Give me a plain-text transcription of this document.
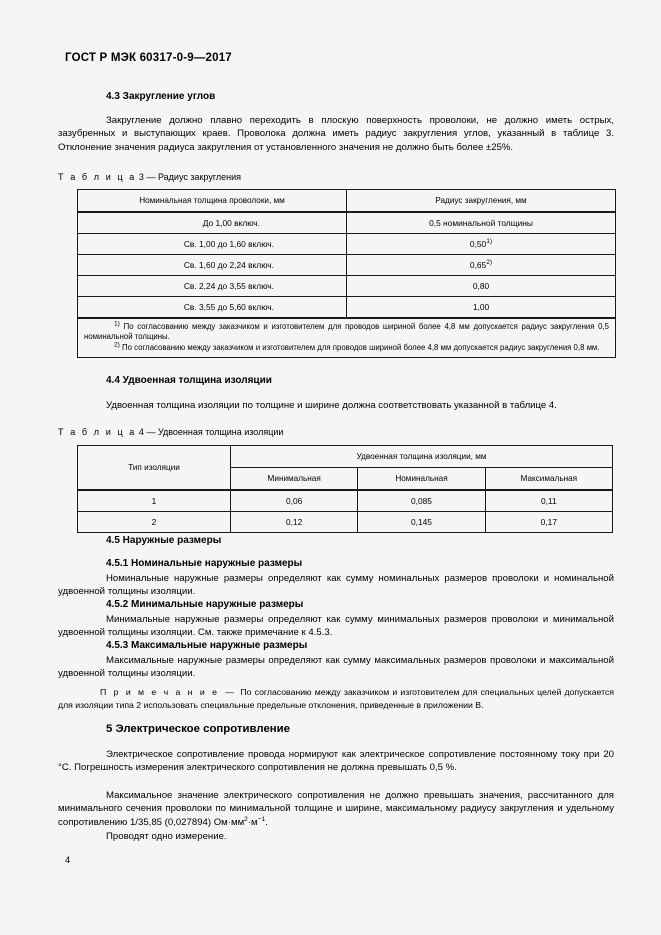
ГОСТ Р МЭК 60317-0-9—2017
4.3 Закругление углов
Закругление должно плавно переходить в плоскую поверхность проволоки, не должно иметь острых, зазубренных и выступающих краев. Проволока должна иметь радиус закругления углов, указанный в таблице 3. Отклонение значения радиуса закругления от установленного значения не должно быть более ±25%.
Т а б л и ц а 3 — Радиус закругления
Номинальная толщина проволоки, мм	Радиус закругления, мм
До 1,00 включ.	0,5 номинальной толщины
Св. 1,00 до 1,60 включ.	0,50$^{1)}$
Св. 1,60 до 2,24 включ.	0,65$^{2)}$
Св. 2,24 до 3,55 включ.	0,80
Св. 3,55 до 5,60 включ.	1,00

$^{1)}$ По согласованию между заказчиком и изготовителем для проводов шириной более 4,8 мм допускается радиус закругления 0,5 номинальной толщины.

$^{2)}$ По согласованию между заказчиком и изготовителем для проводов шириной более 4,8 мм допускается радиус закругления 0,8 мм.	

4.4 Удвоенная толщина изоляции
Удвоенная толщина изоляции по толщине и ширине должна соответствовать указанной в таблице 4.
Т а б л и ц а 4 — Удвоенная толщина изоляции
Тип изоляции	Удвоенная толщина изоляции, мм		
	Минимальная	Номинальная	Максимальная
1	0,06	0,085	0,11
2	0,12	0,145	0,17
4.5 Наружные размеры
4.5.1 Номинальные наружные размеры
Номинальные наружные размеры определяют как сумму номинальных размеров проволоки и номинальной удвоенной толщины изоляции.
4.5.2 Минимальные наружные размеры
Минимальные наружные размеры определяют как сумму минимальных размеров проволоки и минимальной удвоенной толщины изоляции. См. также примечание к 4.5.3.
4.5.3 Максимальные наружные размеры
Максимальные наружные размеры определяют как сумму максимальных размеров проволоки и максимальной удвоенной толщины изоляции.
П р и м е ч а н и е — По согласованию между заказчиком и изготовителем для специальных целей допускается для изоляции типа 2 использовать специальные предельные отклонения, приведенные в приложении В.
5 Электрическое сопротивление
Электрическое сопротивление провода нормируют как электрическое сопротивление постоянному току при 20 °C. Погрешность измерения электрического сопротивления не должна превышать 0,5 %.
Максимальное значение электрического сопротивления не должно превышать значения, рассчитанного для минимального сечения проволоки по минимальной толщине и ширине, максимальному радиусу закругления и удельному сопротивлению 1/35,85 (0,027894) $Ом\cdot мм^2\cdot м^{-1}$.
Проводят одно измерение.
4
